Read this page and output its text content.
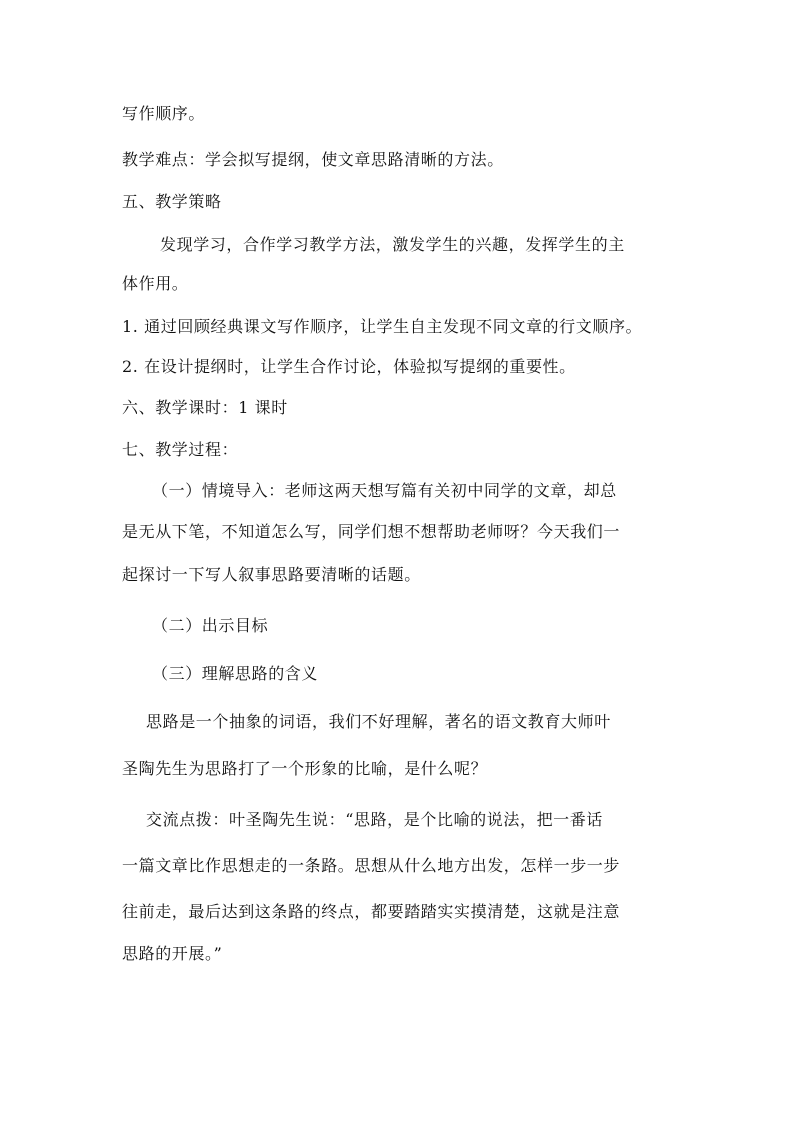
写作顺序。
教学难点：学会拟写提纲，使文章思路清晰的方法。
五、教学策略
发现学习，合作学习教学方法，激发学生的兴趣，发挥学生的主
体作用。
1. 通过回顾经典课文写作顺序，让学生自主发现不同文章的行文顺序。
2. 在设计提纲时，让学生合作讨论，体验拟写提纲的重要性。
六、教学课时：1 课时
七、教学过程：
（一）情境导入：老师这两天想写篇有关初中同学的文章，却总
是无从下笔，不知道怎么写，同学们想不想帮助老师呀？今天我们一
起探讨一下写人叙事思路要清晰的话题。
（二）出示目标
（三）理解思路的含义
思路是一个抽象的词语，我们不好理解，著名的语文教育大师叶
圣陶先生为思路打了一个形象的比喻，是什么呢？
交流点拨：叶圣陶先生说：“思路，是个比喻的说法，把一番话
一篇文章比作思想走的一条路。思想从什么地方出发，怎样一步一步
往前走，最后达到这条路的终点，都要踏踏实实摸清楚，这就是注意
思路的开展。”
